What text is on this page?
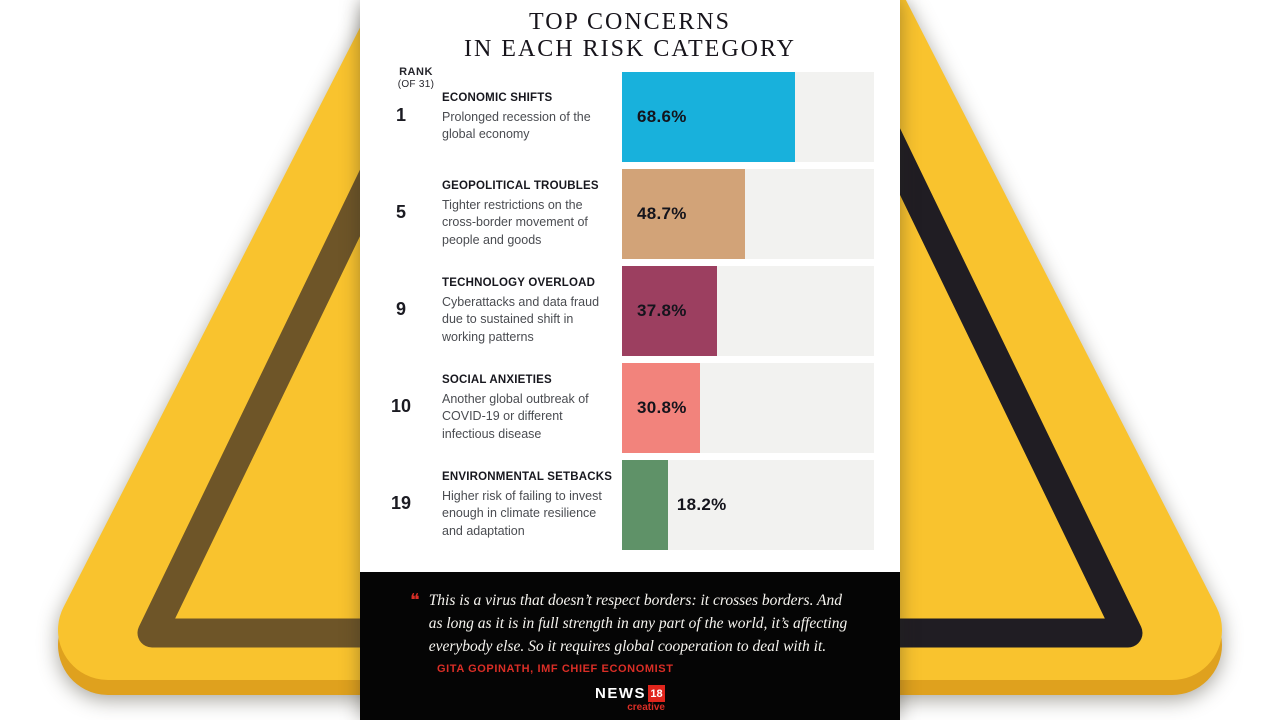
TOP CONCERNS
IN EACH RISK CATEGORY
RANK
(OF 31)
1
ECONOMIC SHIFTS
Prolonged recession of the global economy
68.6%
5
GEOPOLITICAL TROUBLES
Tighter restrictions on the cross-border movement of people and goods
48.7%
9
TECHNOLOGY OVERLOAD
Cyberattacks and data fraud due to sustained shift in working patterns
37.8%
10
SOCIAL ANXIETIES
Another global outbreak of COVID-19 or different infectious disease
30.8%
19
ENVIRONMENTAL SETBACKS
Higher risk of failing to invest enough in climate resilience and adaptation
18.2%
❝ This is a virus that doesn’t respect borders: it crosses borders. And as long as it is in full strength in any part of the world, it’s affecting everybody else. So it requires global cooperation to deal with it.
GITA GOPINATH, IMF CHIEF ECONOMIST
NEWS 18
creative
